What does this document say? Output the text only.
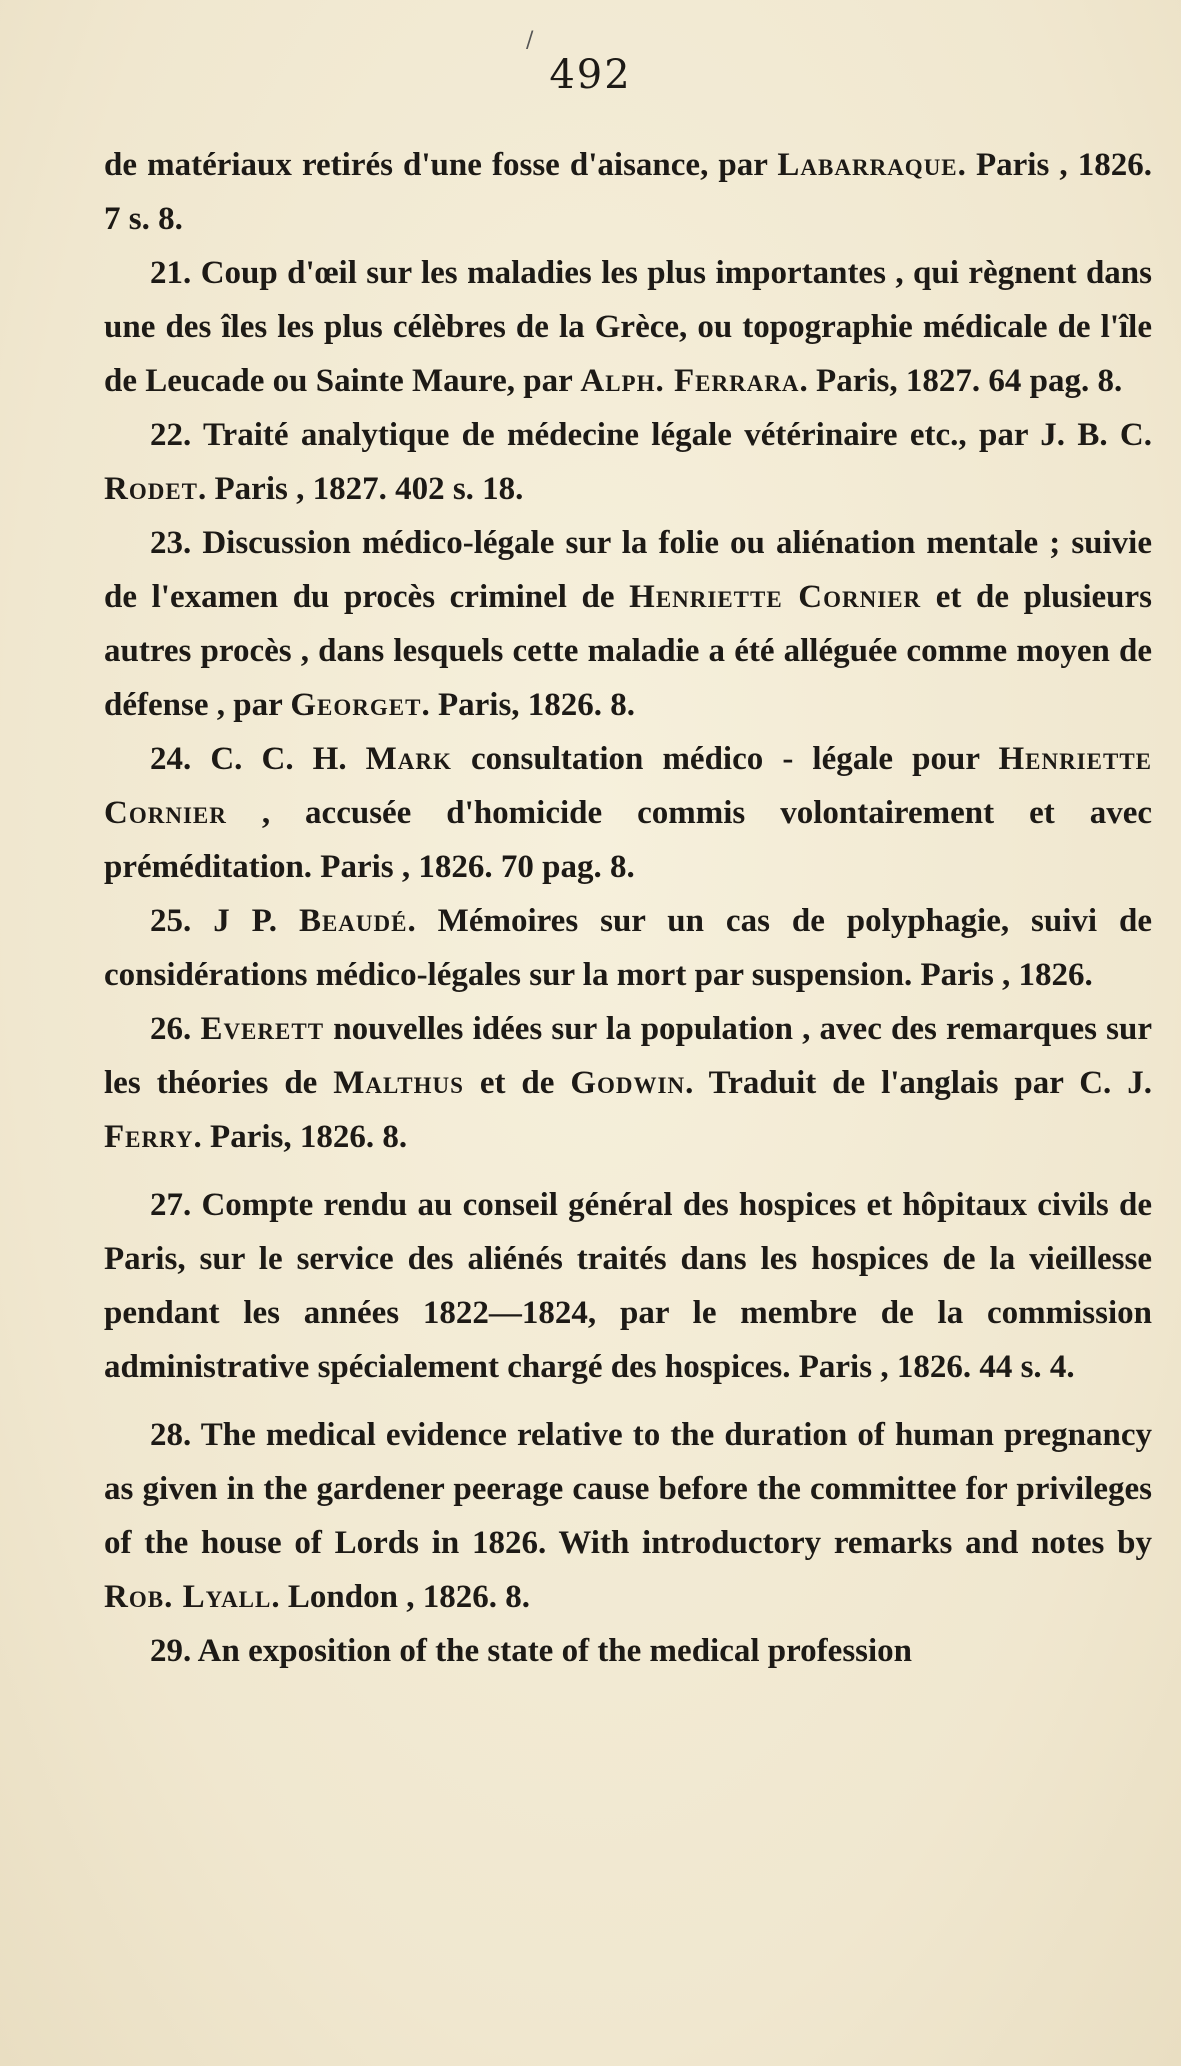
/
492

de matériaux retirés d'une fosse d'aisance, par Labarraque. Paris , 1826. 7 s. 8.

21. Coup d'œil sur les maladies les plus importantes , qui règnent dans une des îles les plus célèbres de la Grèce, ou topographie médicale de l'île de Leucade ou Sainte Maure, par Alph. Ferrara. Paris, 1827. 64 pag. 8.

22. Traité analytique de médecine légale vétérinaire etc., par J. B. C. Rodet. Paris , 1827. 402 s. 18.

23. Discussion médico-légale sur la folie ou aliénation mentale ; suivie de l'examen du procès criminel de Henriette Cornier et de plusieurs autres procès , dans lesquels cette maladie a été alléguée comme moyen de défense , par Georget. Paris, 1826. 8.

24. C. C. H. Mark consultation médico - légale pour Henriette Cornier , accusée d'homicide commis volontairement et avec préméditation. Paris , 1826. 70 pag. 8.

25. J P. Beaudé. Mémoires sur un cas de polyphagie, suivi de considérations médico-légales sur la mort par suspension. Paris , 1826.

26. Everett nouvelles idées sur la population , avec des remarques sur les théories de Malthus et de Godwin. Traduit de l'anglais par C. J. Ferry. Paris, 1826. 8.

27. Compte rendu au conseil général des hospices et hôpitaux civils de Paris, sur le service des aliénés traités dans les hospices de la vieillesse pendant les années 1822—1824, par le membre de la commission administrative spécialement chargé des hospices. Paris , 1826. 44 s. 4.

28. The medical evidence relative to the duration of human pregnancy as given in the gardener peerage cause before the committee for privileges of the house of Lords in 1826. With introductory remarks and notes by Rob. Lyall. London , 1826. 8.

29. An exposition of the state of the medical profession
